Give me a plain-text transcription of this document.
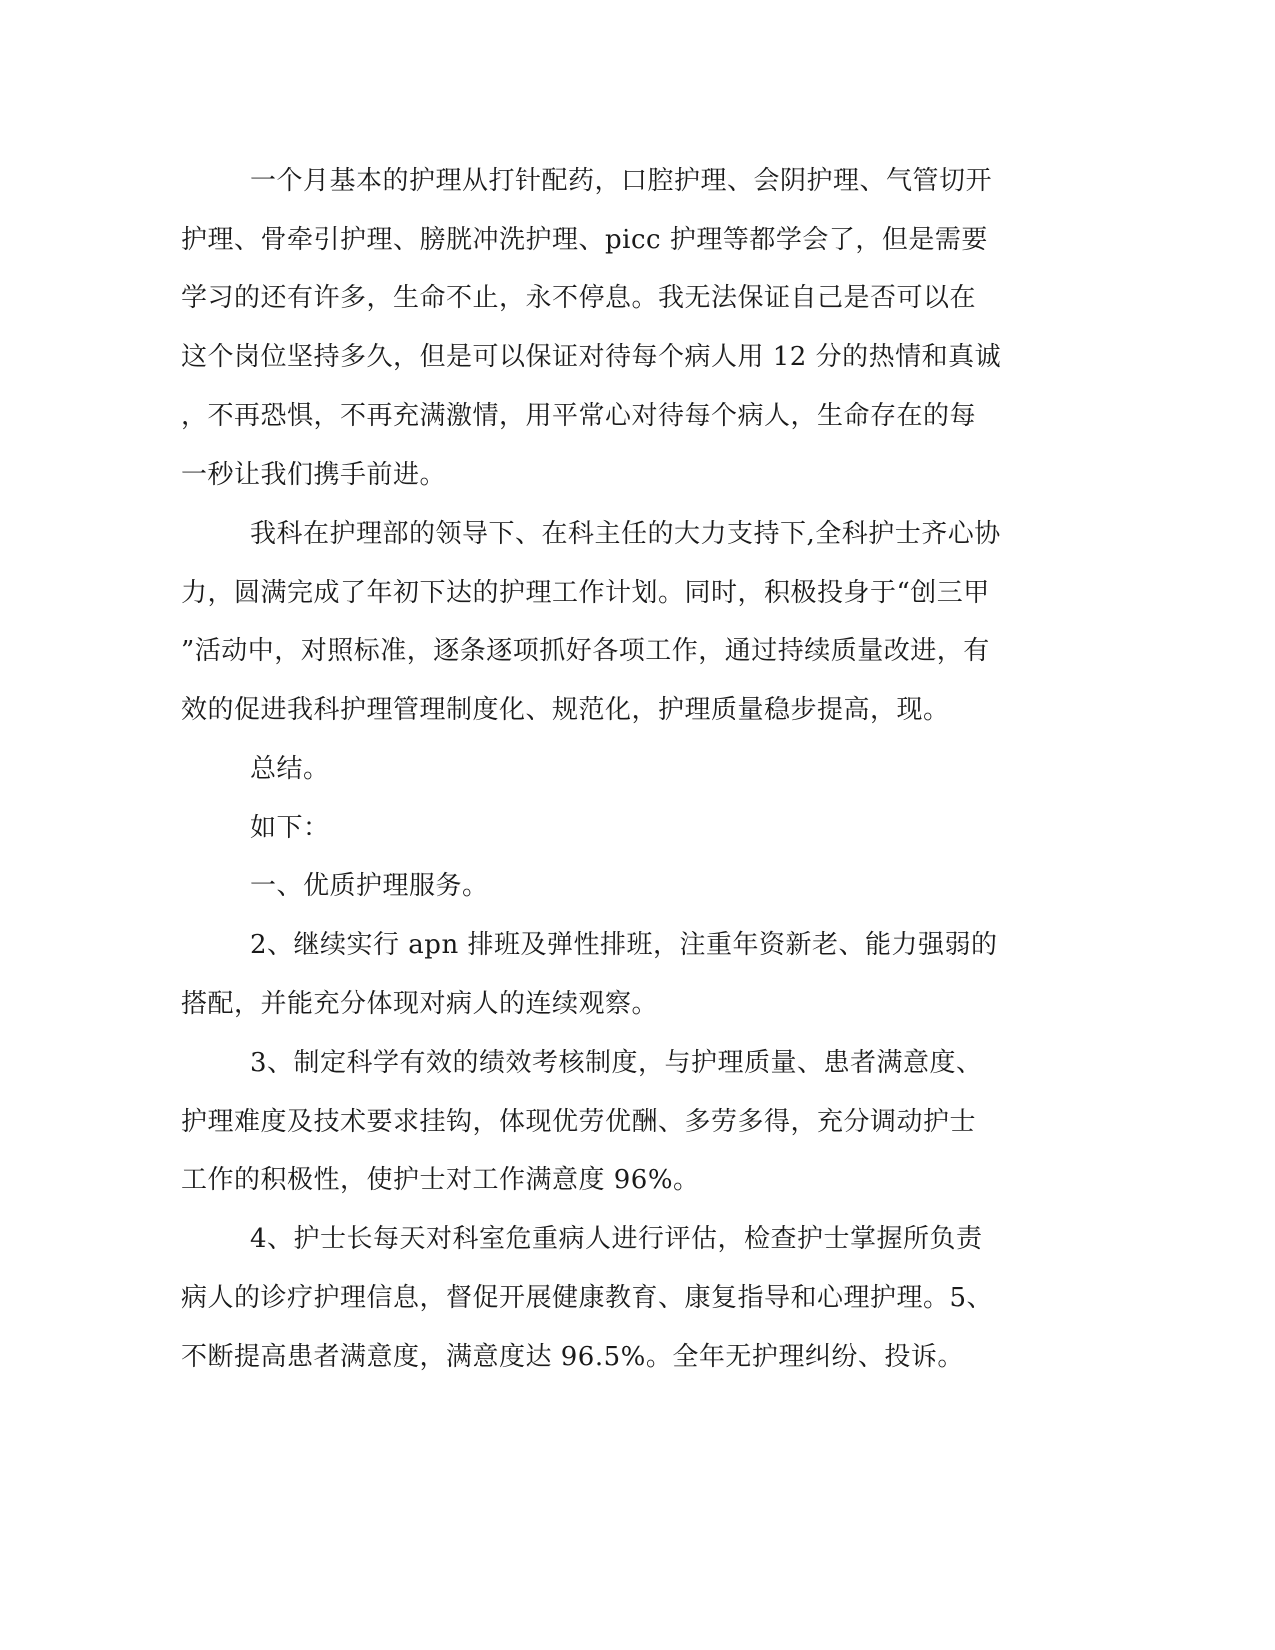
一个月基本的护理从打针配药，口腔护理、会阴护理、气管切开
护理、骨牵引护理、膀胱冲洗护理、picc 护理等都学会了，但是需要
学习的还有许多，生命不止，永不停息。我无法保证自己是否可以在
这个岗位坚持多久，但是可以保证对待每个病人用 12 分的热情和真诚
，不再恐惧，不再充满激情，用平常心对待每个病人，生命存在的每
一秒让我们携手前进。
我科在护理部的领导下、在科主任的大力支持下,全科护士齐心协
力，圆满完成了年初下达的护理工作计划。同时，积极投身于“创三甲
”活动中，对照标准，逐条逐项抓好各项工作，通过持续质量改进，有
效的促进我科护理管理制度化、规范化，护理质量稳步提高，现。
总结。
如下：
一、优质护理服务。
2、继续实行 apn 排班及弹性排班，注重年资新老、能力强弱的
搭配，并能充分体现对病人的连续观察。
3、制定科学有效的绩效考核制度，与护理质量、患者满意度、
护理难度及技术要求挂钩，体现优劳优酬、多劳多得，充分调动护士
工作的积极性，使护士对工作满意度 96%。
4、护士长每天对科室危重病人进行评估，检查护士掌握所负责
病人的诊疗护理信息，督促开展健康教育、康复指导和心理护理。5、
不断提高患者满意度，满意度达 96.5%。全年无护理纠纷、投诉。
